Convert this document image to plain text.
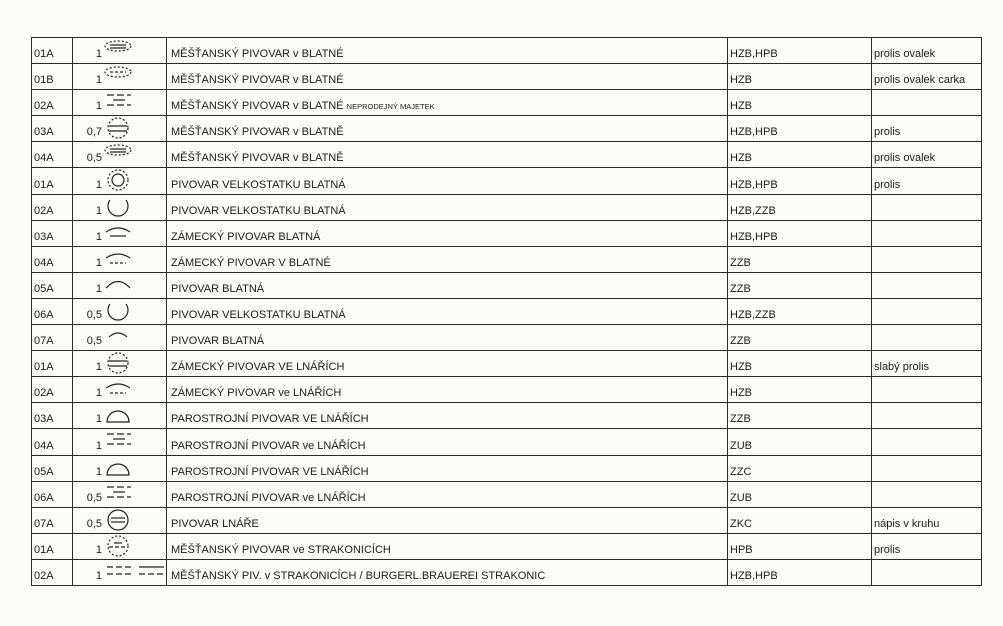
01A	1		MĚŠŤANSKÝ PIVOVAR v BLATNÉ	HZB,HPB	prolis ovalek
01B	1		MĚŠŤANSKÝ PIVOVAR v BLATNÉ	HZB	prolis ovalek carka
02A	1		MĚŠŤANSKÝ PIVOVAR v BLATNÉ NEPRODEJNÝ MAJETEK	HZB	
03A	0,7		MĚŠŤANSKÝ PIVOVAR v BLATNĚ	HZB,HPB	prolis
04A	0,5		MĚŠŤANSKÝ PIVOVAR v BLATNĚ	HZB	prolis ovalek
01A	1		PIVOVAR VELKOSTATKU BLATNÁ	HZB,HPB	prolis
02A	1		PIVOVAR VELKOSTATKU BLATNÁ	HZB,ZZB	
03A	1		ZÁMECKÝ PIVOVAR BLATNÁ	HZB,HPB	
04A	1		ZÁMECKÝ PIVOVAR V BLATNÉ	ZZB	
05A	1		PIVOVAR BLATNÁ	ZZB	
06A	0,5		PIVOVAR VELKOSTATKU BLATNÁ	HZB,ZZB	
07A	0,5		PIVOVAR BLATNÁ	ZZB	
01A	1		ZÁMECKÝ PIVOVAR VE LNÁŘÍCH	HZB	slabý prolis
02A	1		ZÁMECKÝ PIVOVAR ve LNÁŘÍCH	HZB	
03A	1		PAROSTROJNÍ PIVOVAR VE LNÁŘÍCH	ZZB	
04A	1		PAROSTROJNÍ PIVOVAR ve LNÁŘÍCH	ZUB	
05A	1		PAROSTROJNÍ PIVOVAR VE LNÁŘÍCH	ZZC	
06A	0,5		PAROSTROJNÍ PIVOVAR ve LNÁŘÍCH	ZUB	
07A	0,5		PIVOVAR LNÁŘE	ZKC	nápis v kruhu
01A	1		MĚŠŤANSKÝ PIVOVAR ve STRAKONICÍCH	HPB	prolis
02A	1		MĚŠŤANSKÝ PIV. v STRAKONICÍCH / BURGERL.BRAUEREI STRAKONIC	HZB,HPB	
